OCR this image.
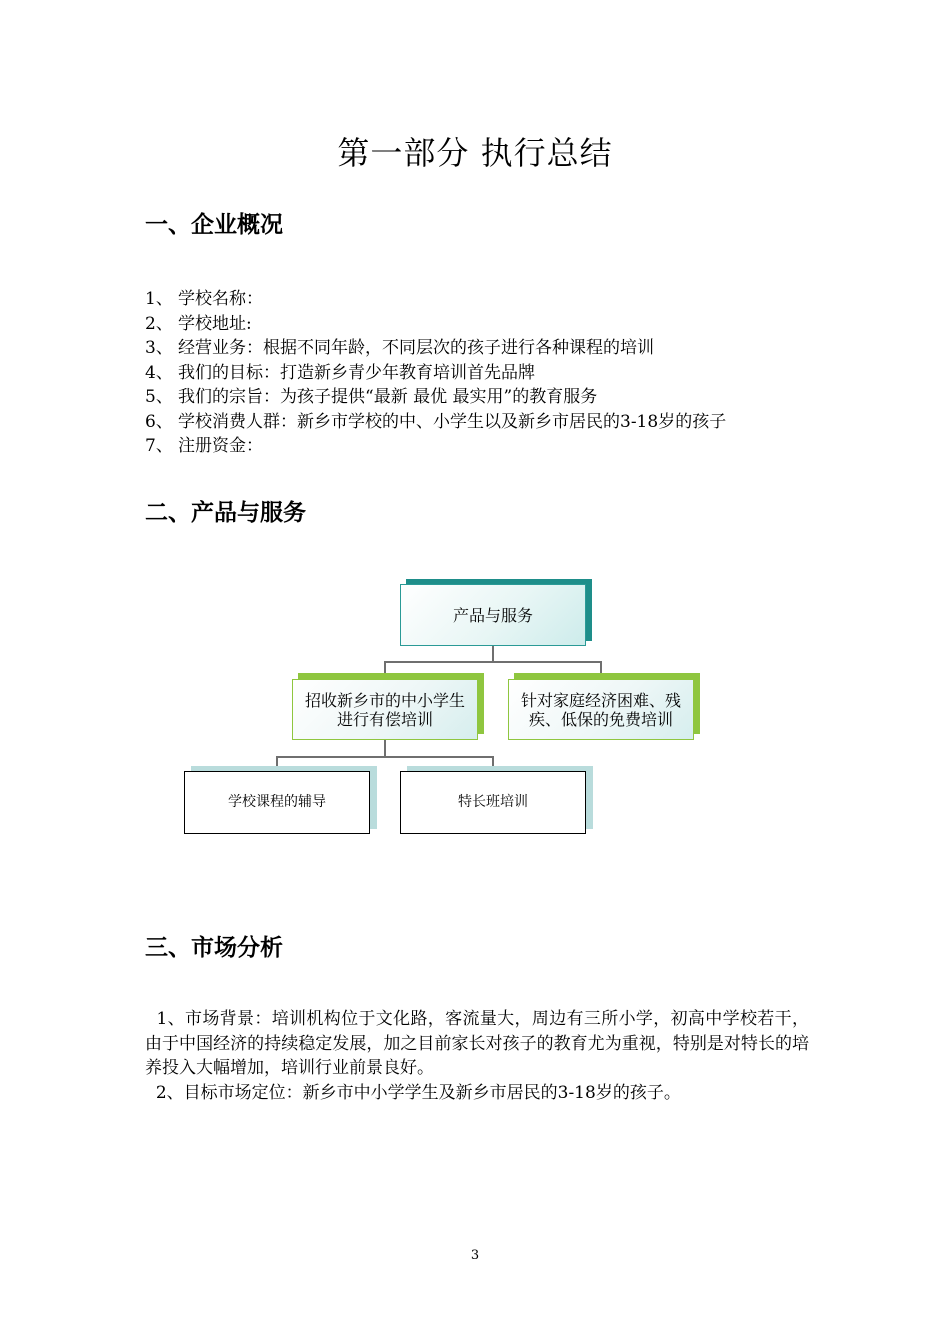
第一部分 执行总结
一、企业概况
1、 学校名称：
2、 学校地址:
3、 经营业务：根据不同年龄，不同层次的孩子进行各种课程的培训
4、 我们的目标：打造新乡青少年教育培训首先品牌
5、 我们的宗旨：为孩子提供“最新 最优 最实用”的教育服务
6、 学校消费人群：新乡市学校的中、小学生以及新乡市居民的3-18岁的孩子
7、 注册资金：
二、产品与服务
产品与服务
招收新乡市的中小学生
进行有偿培训
针对家庭经济困难、残
疾、低保的免费培训
学校课程的辅导	特长班培训
三、市场分析
1、市场背景：培训机构位于文化路，客流量大，周边有三所小学，初高中学校若干，由于中国经济的持续稳定发展，加之目前家长对孩子的教育尤为重视，特别是对特长的培养投入大幅增加，培训行业前景良好。
2、目标市场定位：新乡市中小学学生及新乡市居民的3-18岁的孩子。
3
